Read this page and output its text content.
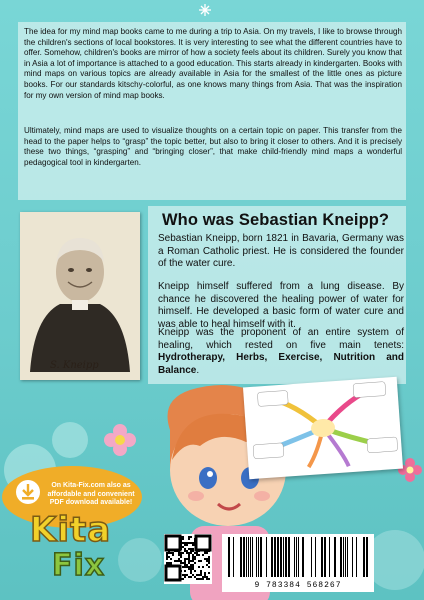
The idea for my mind map books came to me during a trip to Asia. On my travels, I like to browse through the children's sections of local bookstores. It is very interesting to see what the different countries have to offer. Somehow, children's books are mirror of how a society feels about its children. Surely you know that in Asia a lot of importance is attached to a good education. This starts already in kindergarten. Books with mind maps on various topics are already available in Asia for the smallest of the little ones as picture books. For our standards kitschy-colorful, as one knows many things from Asia. That was the inspiration for my own version of mind map books.

Ultimately, mind maps are used to visualize thoughts on a certain topic on paper. This transfer from the head to the paper helps to “grasp” the topic better, but also to bring it closer to others. And it is precisely these two things, “grasping” and “bringing closer”, that make child-friendly mind maps a wonderful pedagogical tool in kindergarten.

S. Kneipp
Who was Sebastian Kneipp?

Sebastian Kneipp, born 1821 in Bavaria, Germany was a Roman Catholic priest. He is considered the founder of the water cure.

Kneipp himself suffered from a lung disease. By chance he discovered the healing power of water for himself. He developed a basic form of water cure and was able to heal himself with it.

Kneipp was the proponent of an entire system of healing, which rested on five main tenets: Hydrotherapy, Herbs, Exercise, Nutrition and Balance.

On Kita-Fix.com also as affordable and convenient PDF download available!

Kita
Fix

9 783384 568267
